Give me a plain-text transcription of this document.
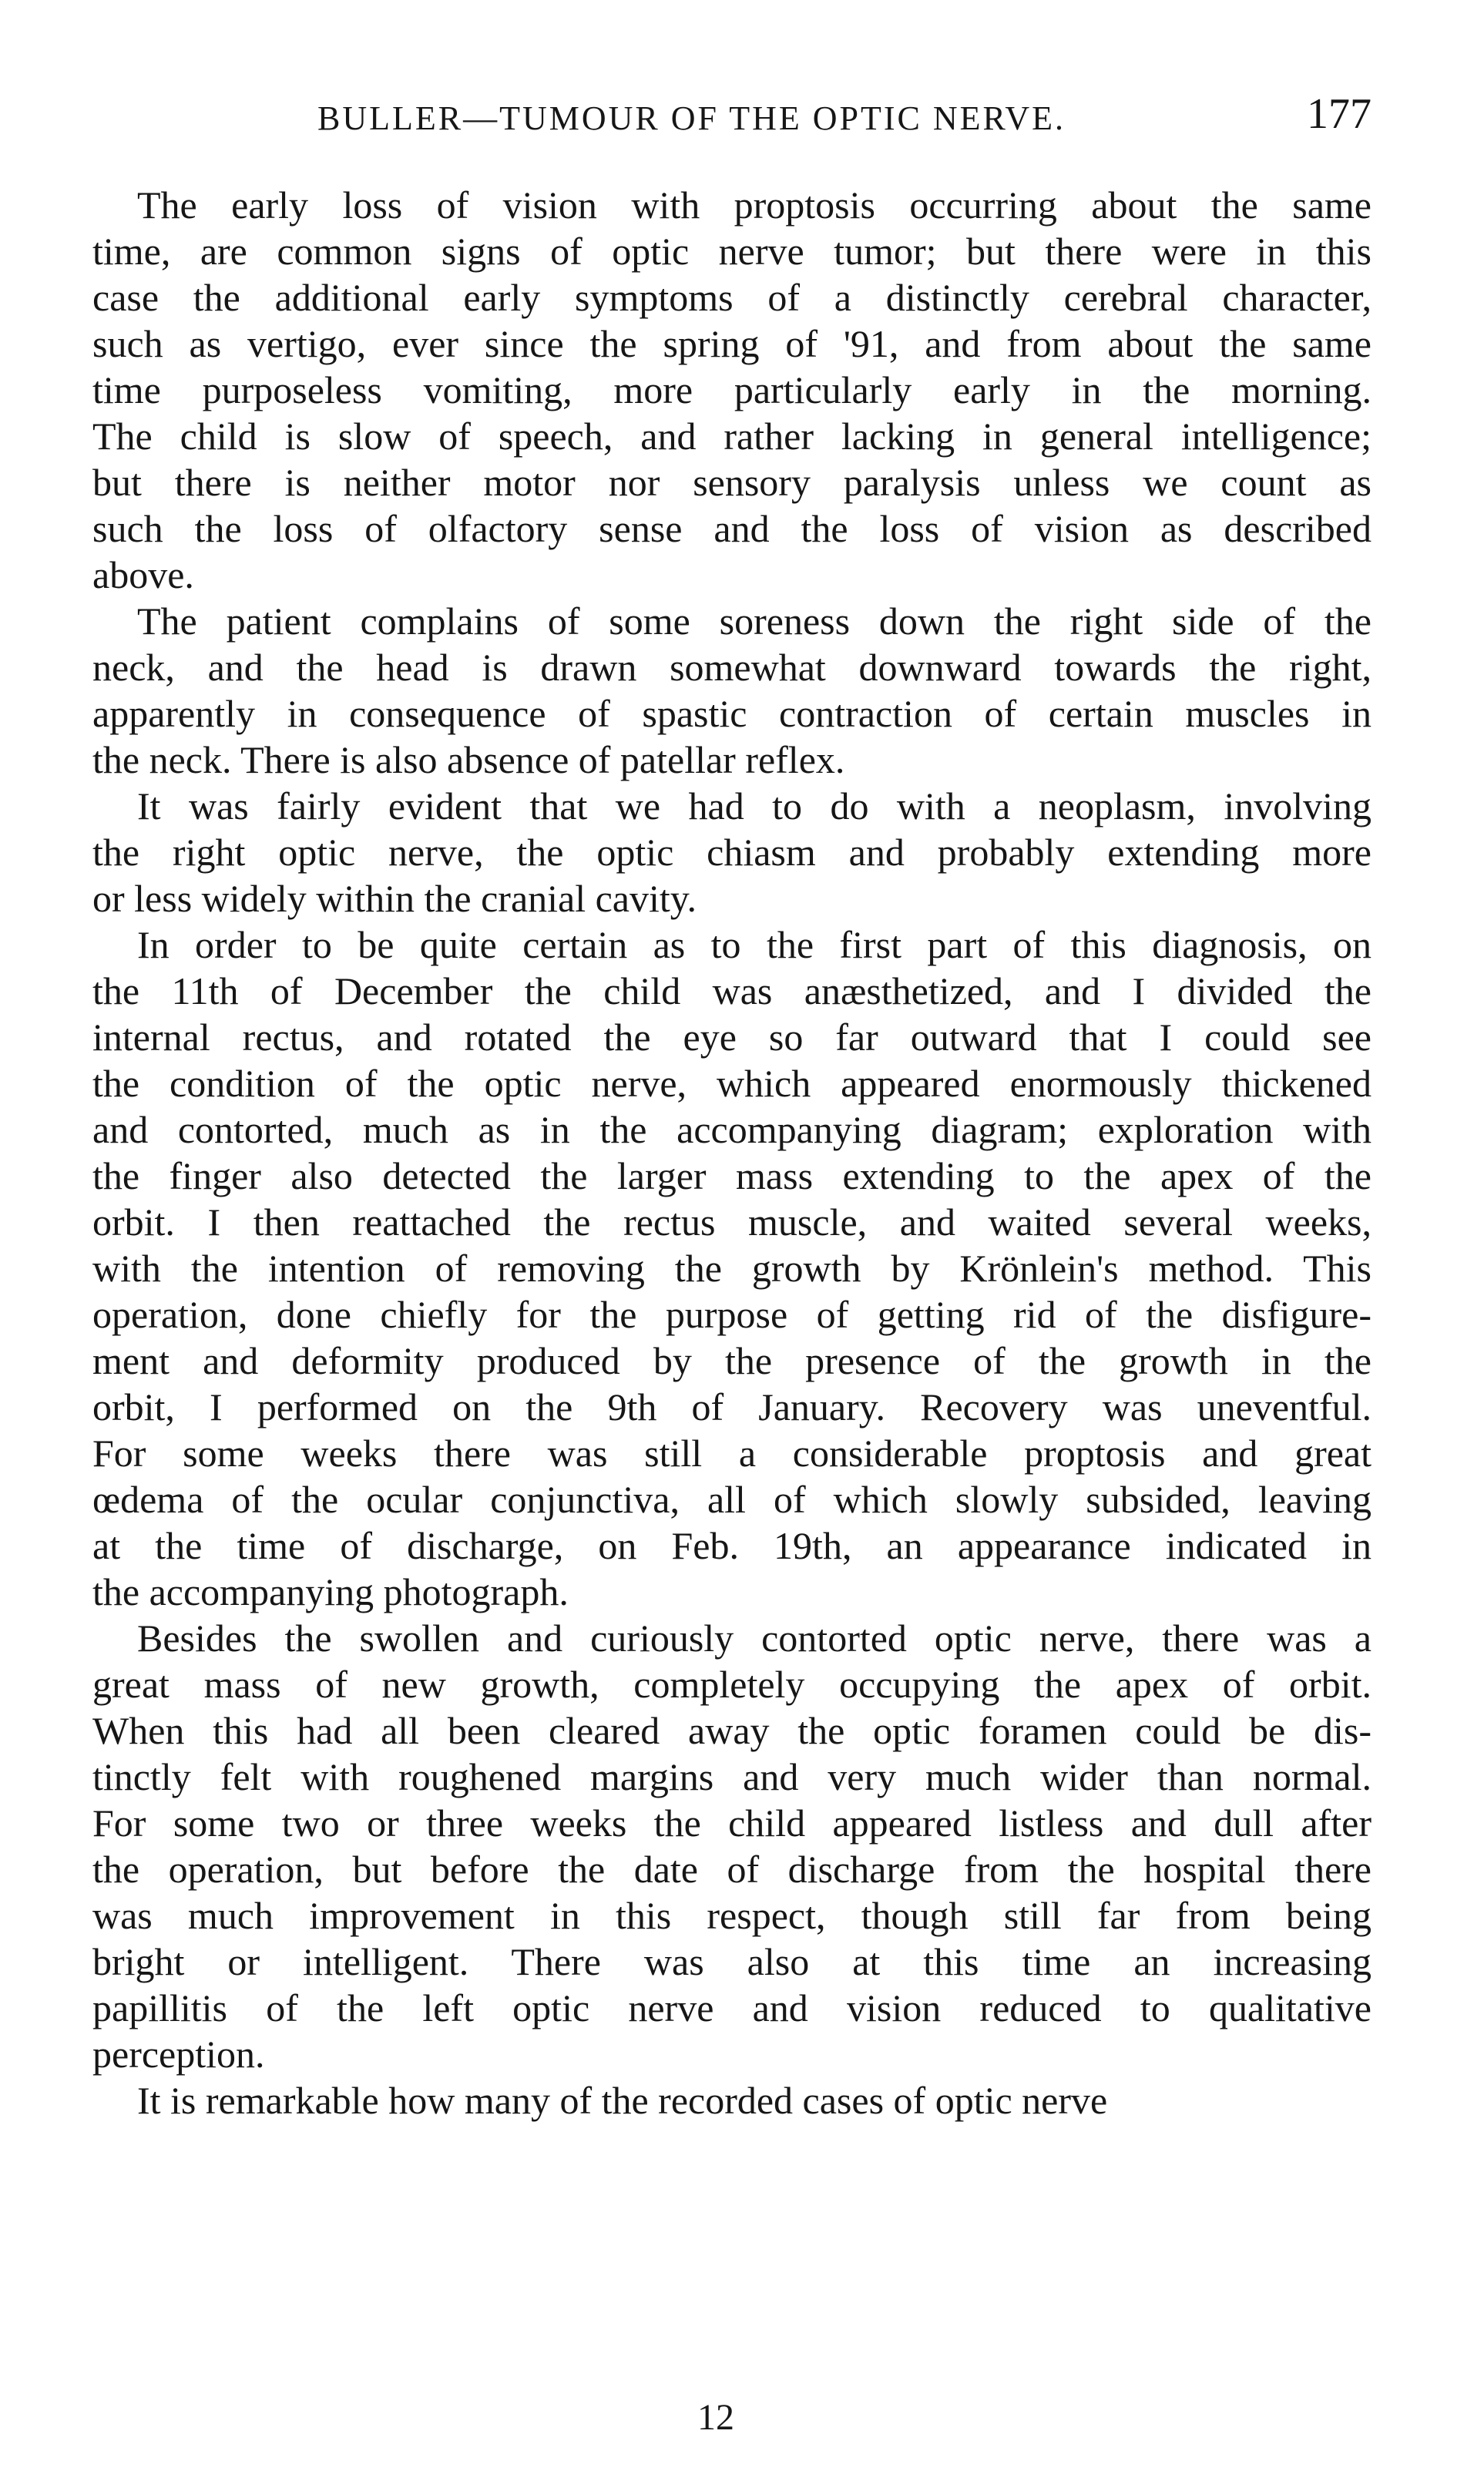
BULLER—TUMOUR OF THE OPTIC NERVE.	177
The early loss of vision with proptosis occurring about the same
time, are common signs of optic nerve tumor; but there were in this
case the additional early symptoms of a distinctly cerebral character,
such as vertigo, ever since the spring of '91, and from about the same
time purposeless vomiting, more particularly early in the morning.
The child is slow of speech, and rather lacking in general intelligence;
but there is neither motor nor sensory paralysis unless we count as
such the loss of olfactory sense and the loss of vision as described
above.
The patient complains of some soreness down the right side of the
neck, and the head is drawn somewhat downward towards the right,
apparently in consequence of spastic contraction of certain muscles in
the neck. There is also absence of patellar reflex.
It was fairly evident that we had to do with a neoplasm, involving
the right optic nerve, the optic chiasm and probably extending more
or less widely within the cranial cavity.
In order to be quite certain as to the first part of this diagnosis, on
the 11th of December the child was anæsthetized, and I divided the
internal rectus, and rotated the eye so far outward that I could see
the condition of the optic nerve, which appeared enormously thickened
and contorted, much as in the accompanying diagram; exploration with
the finger also detected the larger mass extending to the apex of the
orbit. I then reattached the rectus muscle, and waited several weeks,
with the intention of removing the growth by Krönlein's method. This
operation, done chiefly for the purpose of getting rid of the disfigure-
ment and deformity produced by the presence of the growth in the
orbit, I performed on the 9th of January. Recovery was uneventful.
For some weeks there was still a considerable proptosis and great
œdema of the ocular conjunctiva, all of which slowly subsided, leaving
at the time of discharge, on Feb. 19th, an appearance indicated in
the accompanying photograph.
Besides the swollen and curiously contorted optic nerve, there was a
great mass of new growth, completely occupying the apex of orbit.
When this had all been cleared away the optic foramen could be dis-
tinctly felt with roughened margins and very much wider than normal.
For some two or three weeks the child appeared listless and dull after
the operation, but before the date of discharge from the hospital there
was much improvement in this respect, though still far from being
bright or intelligent. There was also at this time an increasing
papillitis of the left optic nerve and vision reduced to qualitative
perception.
It is remarkable how many of the recorded cases of optic nerve
12
